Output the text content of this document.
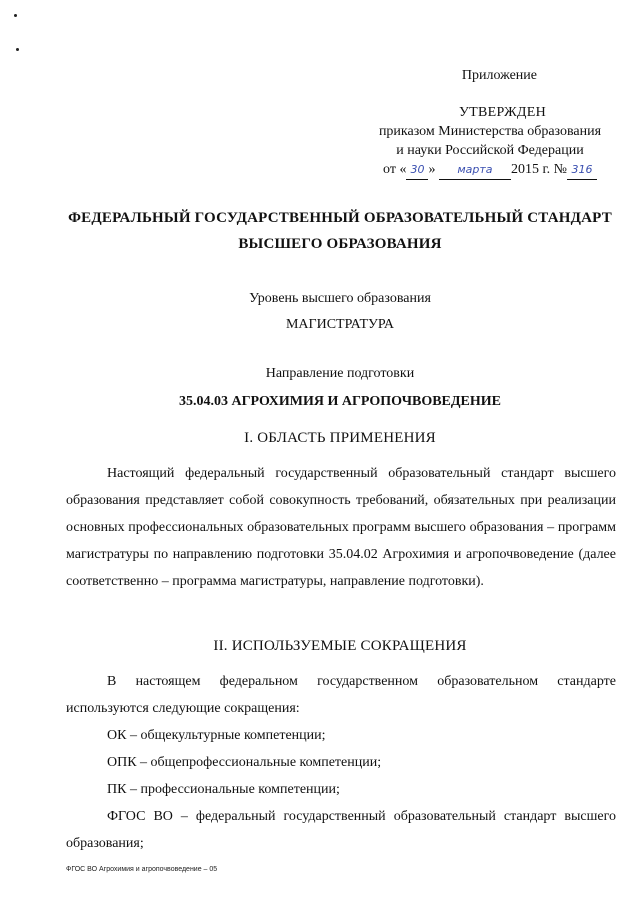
Приложение
УТВЕРЖДЕН
приказом Министерства образования
и науки Российской Федерации
от « 30 » марта 2015 г. № 316
ФЕДЕРАЛЬНЫЙ ГОСУДАРСТВЕННЫЙ ОБРАЗОВАТЕЛЬНЫЙ СТАНДАРТ
ВЫСШЕГО ОБРАЗОВАНИЯ
Уровень высшего образования
МАГИСТРАТУРА
Направление подготовки
35.04.03 АГРОХИМИЯ И АГРОПОЧВОВЕДЕНИЕ
I. ОБЛАСТЬ ПРИМЕНЕНИЯ

Настоящий федеральный государственный образовательный стандарт высшего образования представляет собой совокупность требований, обязательных при реализации основных профессиональных образовательных программ высшего образования – программ магистратуры по направлению подготовки 35.04.02 Агрохимия и агропочвоведение (далее соответственно – программа магистратуры, направление подготовки).

II. ИСПОЛЬЗУЕМЫЕ СОКРАЩЕНИЯ

В настоящем федеральном государственном образовательном стандарте используются следующие сокращения:

ОК – общекультурные компетенции;

ОПК – общепрофессиональные компетенции;

ПК – профессиональные компетенции;

ФГОС ВО – федеральный государственный образовательный стандарт высшего образования;

ФГОС ВО Агрохимия и агропочвоведение – 05
